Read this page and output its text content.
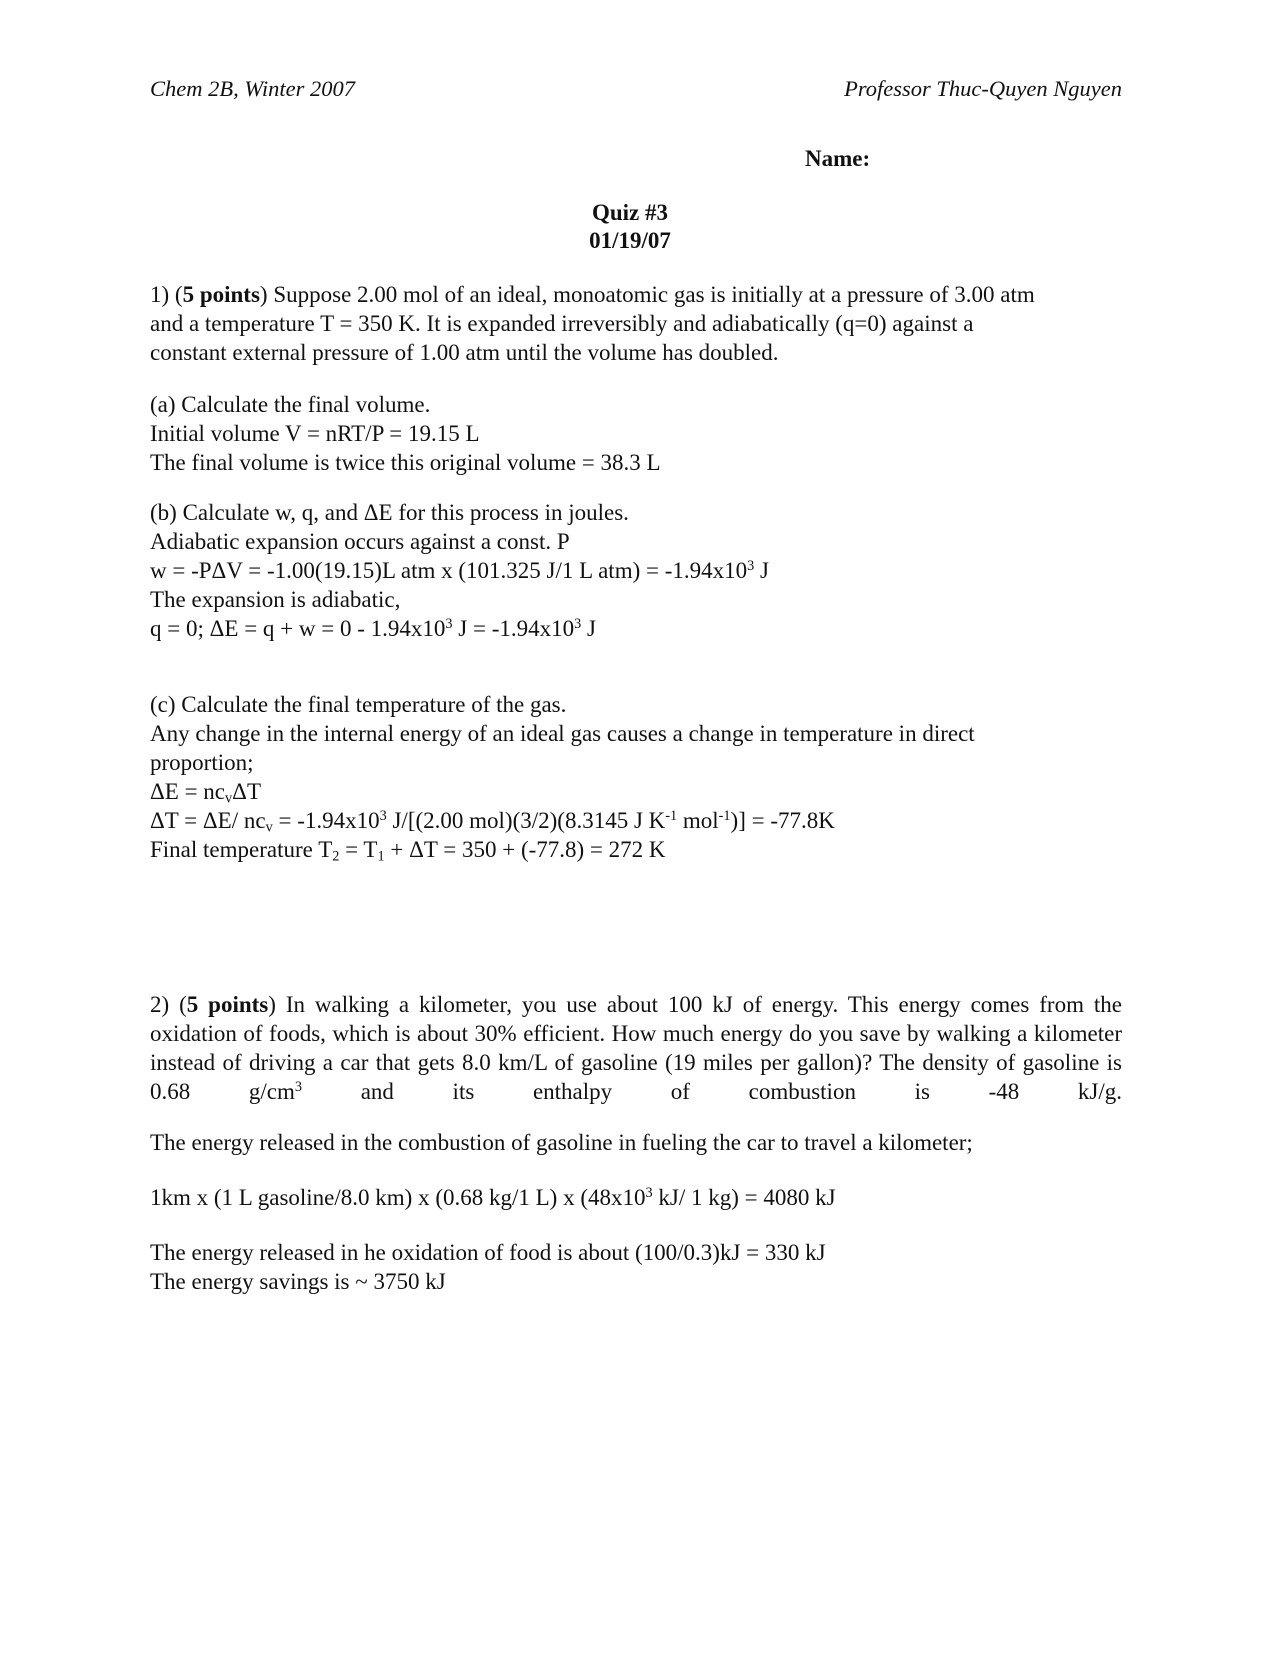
Chem 2B, Winter 2007	Professor Thuc-Quyen Nguyen
Name:
Quiz #3
01/19/07
1) (5 points) Suppose 2.00 mol of an ideal, monoatomic gas is initially at a pressure of 3.00 atm
and a temperature T = 350 K. It is expanded irreversibly and adiabatically (q=0) against a
constant external pressure of 1.00 atm until the volume has doubled.
(a) Calculate the final volume.
Initial volume V = nRT/P = 19.15 L
The final volume is twice this original volume = 38.3 L
(b) Calculate w, q, and ΔE for this process in joules.
Adiabatic expansion occurs against a const. P
w = -PΔV = -1.00(19.15)L atm x (101.325 J/1 L $atm) = -1.94x10^3$ J
The expansion is adiabatic,
q = 0; $\Delta E = q + w = 0 - 1.94x10^3$ $J = -1.94x10^3$ J
(c) Calculate the final temperature of the gas.
Any change in the internal energy of an ideal gas causes a change in temperature in direct
proportion;
$\Delta E = nc_v\Delta T$
ΔT = ΔE/ $nc_v = -1.94x10^3$ J/[(2.00 mol)(3/2)(8.3145 J $K^{-1}$ mol$^{-1}$)] = -77.8K
Final temperature $T_2 = T_1 + \Delta T = 350 + (-77.8) = 272$ K
2) (5 points) In walking a kilometer, you use about 100 kJ of energy. This energy comes from the oxidation of foods, which is about 30% efficient. How much energy do you save by walking a kilometer instead of driving a car that gets 8.0 km/L of gasoline (19 miles per gallon)? The density of gasoline is 0.68 $g/cm^3$ and its enthalpy of combustion is -48 kJ/g.
The energy released in the combustion of gasoline in fueling the car to travel a kilometer;
1km x (1 L gasoline/8.0 km) x (0.68 kg/1 L) x ($48x10^3$ kJ/ 1 kg) = 4080 kJ
The energy released in he oxidation of food is about (100/0.3)kJ = 330 kJ
The energy savings is ~ 3750 kJ
